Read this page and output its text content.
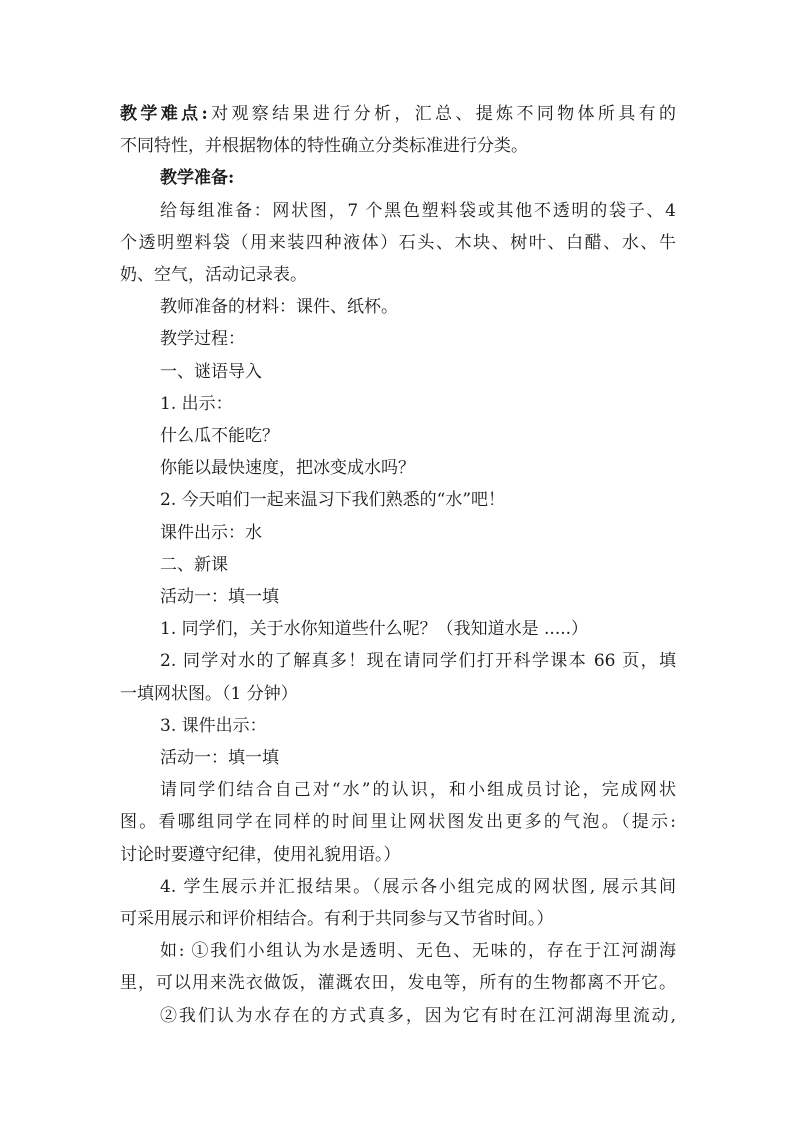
教学难点:对观察结果进行分析，汇总、提炼不同物体所具有的
不同特性，并根据物体的特性确立分类标准进行分类。
教学准备:
给每组准备：网状图，7 个黑色塑料袋或其他不透明的袋子、4
个透明塑料袋（用来装四种液体）石头、木块、树叶、白醋、水、牛
奶、空气，活动记录表。
教师准备的材料：课件、纸杯。
教学过程：
一、谜语导入
1. 出示：
什么瓜不能吃？
你能以最快速度，把冰变成水吗？
2. 今天咱们一起来温习下我们熟悉的“水”吧！
课件出示：水
二、新课
活动一：填一填
1. 同学们，关于水你知道些什么呢？（我知道水是 .....）
2. 同学对水的了解真多！现在请同学们打开科学课本 66 页，填
一填网状图。（1 分钟）
3. 课件出示：
活动一：填一填
请同学们结合自己对“水”的认识，和小组成员讨论，完成网状
图。看哪组同学在同样的时间里让网状图发出更多的气泡。（提示:
讨论时要遵守纪律，使用礼貌用语。）
4. 学生展示并汇报结果。（展示各小组完成的网状图, 展示其间
可采用展示和评价相结合。有利于共同参与又节省时间。）
如: ①我们小组认为水是透明、无色、无味的，存在于江河湖海
里，可以用来洗衣做饭，灌溉农田，发电等，所有的生物都离不开它。
②我们认为水存在的方式真多，因为它有时在江河湖海里流动,
